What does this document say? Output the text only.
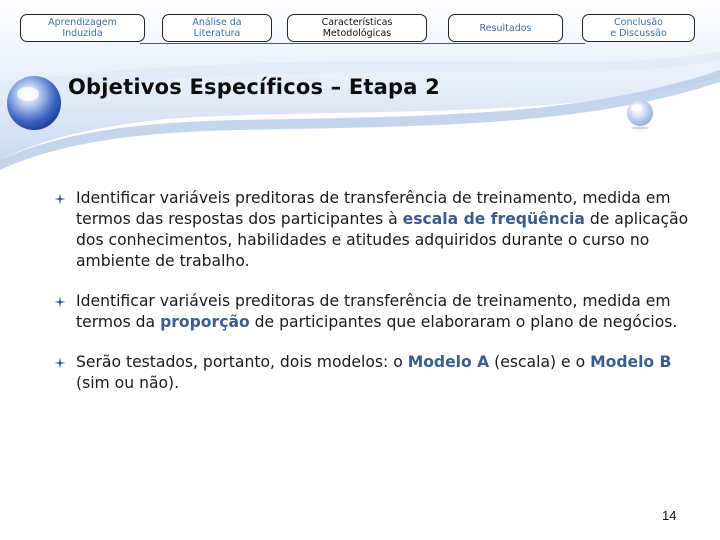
Aprendizagem
Induzida
Análise da
Literatura
Características
Metodológicas	Resultados	Conclusão
e Discussão
Objetivos Específicos – Etapa 2
Identificar variáveis preditoras de transferência de treinamento, medida em termos das respostas dos participantes à escala de freqüência de aplicação dos conhecimentos, habilidades e atitudes adquiridos durante o curso no ambiente de trabalho.
Identificar variáveis preditoras de transferência de treinamento, medida em termos da proporção de participantes que elaboraram o plano de negócios.
Serão testados, portanto, dois modelos: o Modelo A (escala) e o Modelo B (sim ou não).
14
